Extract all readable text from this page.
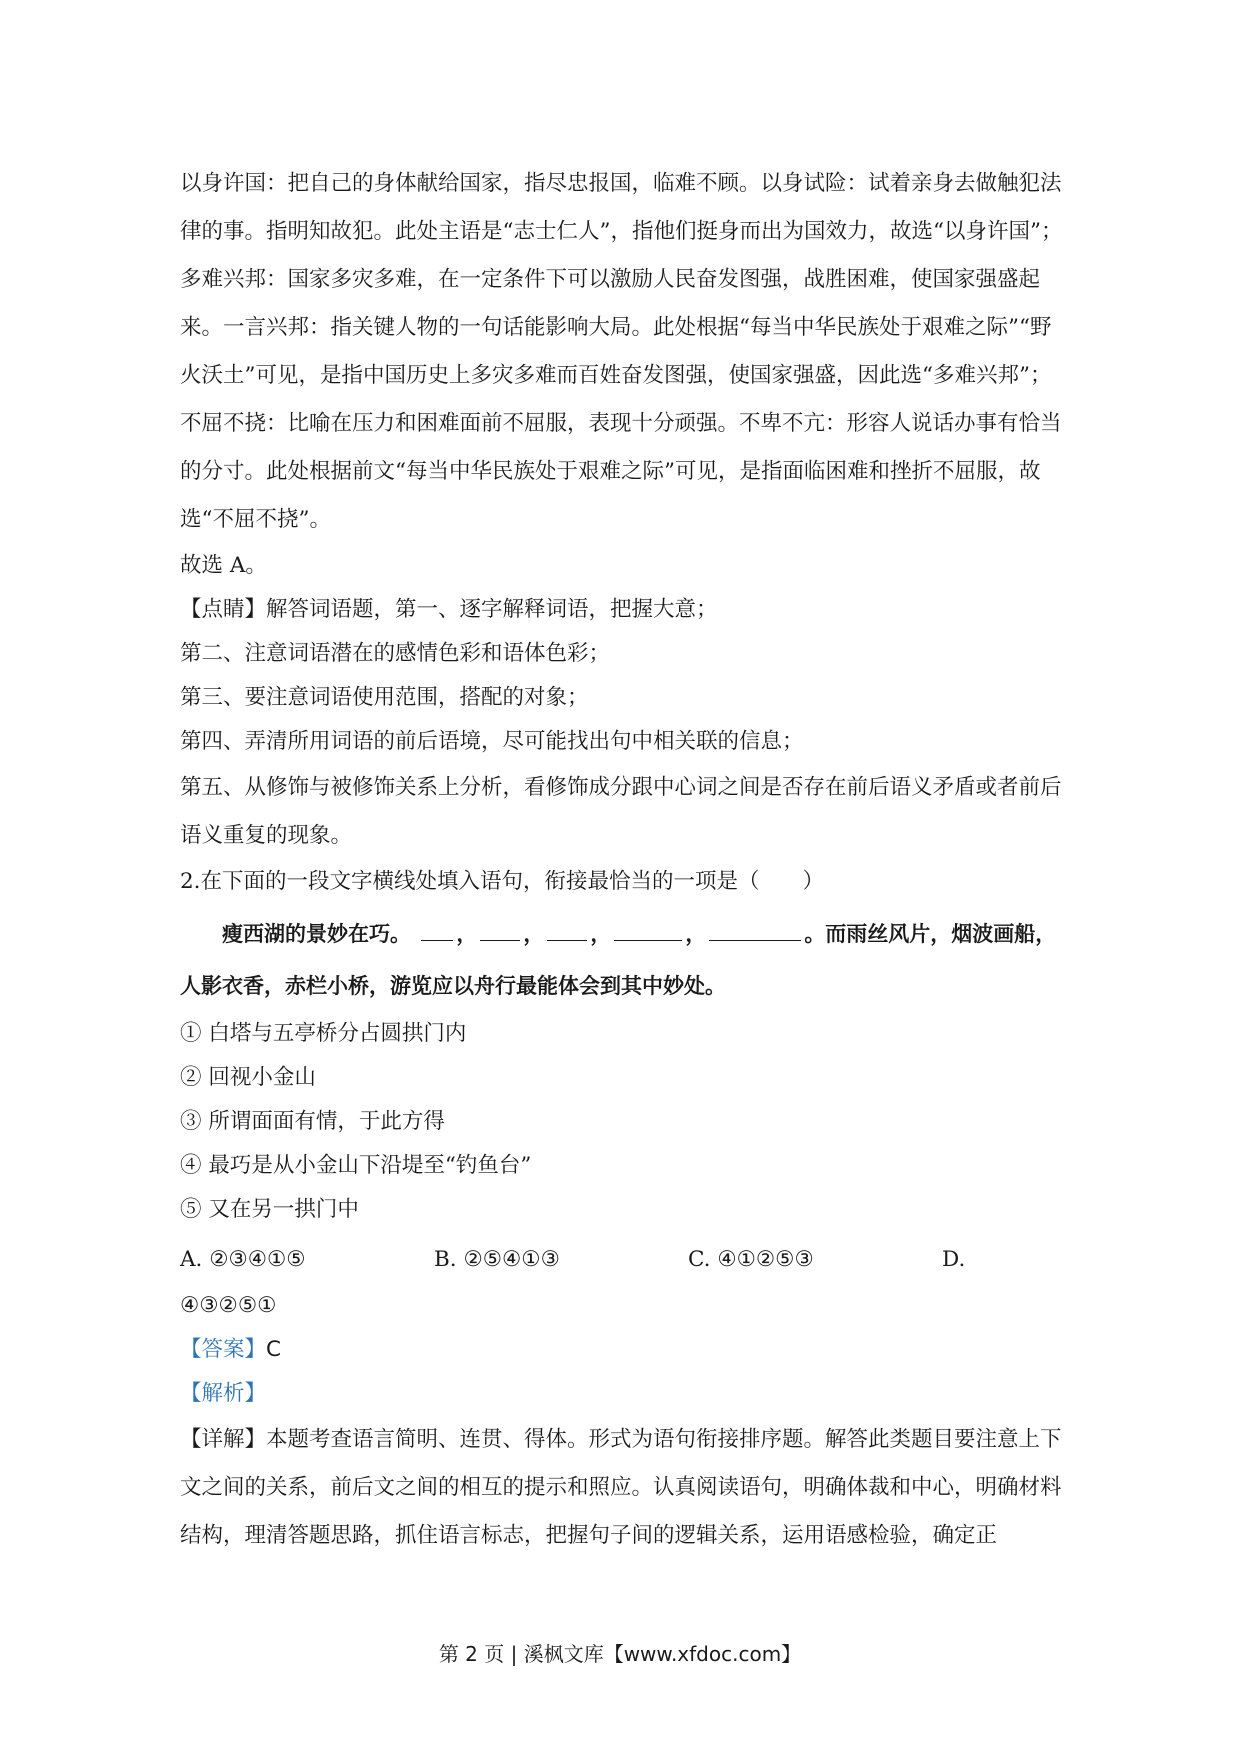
以身许国：把自己的身体献给国家，指尽忠报国，临难不顾。以身试险：试着亲身去做触犯法律的事。指明知故犯。此处主语是“志士仁人”，指他们挺身而出为国效力，故选“以身许国”；

多难兴邦：国家多灾多难，在一定条件下可以激励人民奋发图强，战胜困难，使国家强盛起来。一言兴邦：指关键人物的一句话能影响大局。此处根据“每当中华民族处于艰难之际”“野火沃土”可见，是指中国历史上多灾多难而百姓奋发图强，使国家强盛，因此选“多难兴邦”；

不屈不挠：比喻在压力和困难面前不屈服，表现十分顽强。不卑不亢：形容人说话办事有恰当的分寸。此处根据前文“每当中华民族处于艰难之际”可见，是指面临困难和挫折不屈服，故选“不屈不挠”。

故选 A。

【点睛】解答词语题，第一、逐字解释词语，把握大意；

第二、注意词语潜在的感情色彩和语体色彩；

第三、要注意词语使用范围，搭配的对象；

第四、弄清所用词语的前后语境，尽可能找出句中相关联的信息；

第五、从修饰与被修饰关系上分析，看修饰成分跟中心词之间是否存在前后语义矛盾或者前后语义重复的现象。

2.在下面的一段文字横线处填入语句，衔接最恰当的一项是（　　）

瘦西湖的景妙在巧。 ， ， ，	，	。而雨丝风片，烟波画船，人影衣香，赤栏小桥，游览应以舟行最能体会到其中妙处。

① 白塔与五亭桥分占圆拱门内

② 回视小金山

③ 所谓面面有情，于此方得

④ 最巧是从小金山下沿堤至“钓鱼台”

⑤ 又在另一拱门中

A. ②③④①⑤	B. ②⑤④①③	C. ④①②⑤③	D.

④③②⑤①

【答案】C

【解析】

【详解】本题考查语言简明、连贯、得体。形式为语句衔接排序题。解答此类题目要注意上下文之间的关系，前后文之间的相互的提示和照应。认真阅读语句，明确体裁和中心，明确材料结构，理清答题思路，抓住语言标志，把握句子间的逻辑关系，运用语感检验，确定正

第 2 页 | 溪枫文库【www.xfdoc.com】
